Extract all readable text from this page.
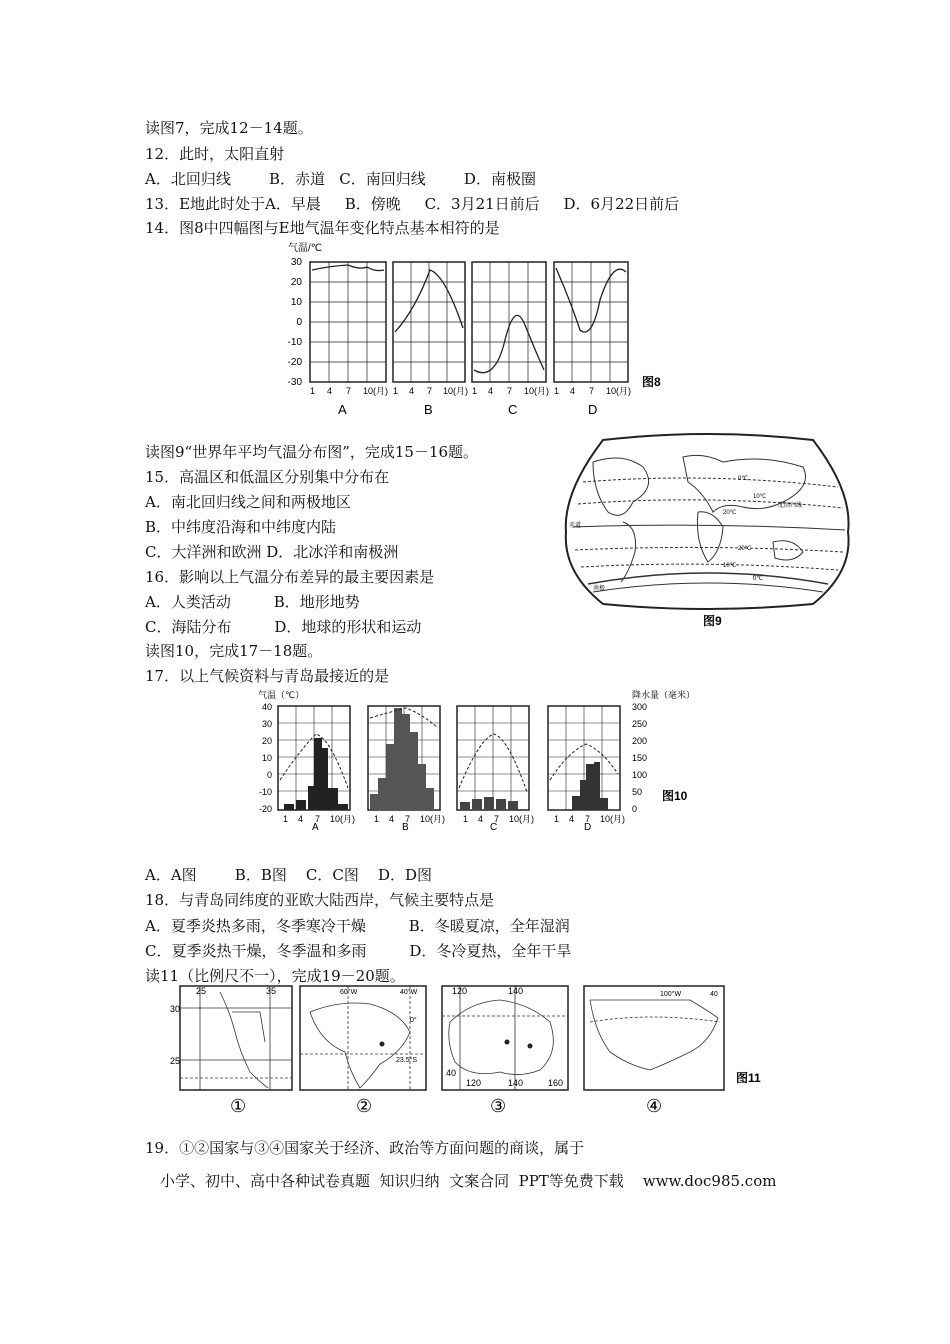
读图7，完成12－14题。
12．此时，太阳直射
A．北回归线        B．赤道   C．南回归线        D．南极圈
13．E地此时处于A．早晨     B．傍晚     C．3月21日前后     D．6月22日前后
14．图8中四幅图与E地气温年变化特点基本相符的是
气温/℃
30
20
10
0
-10
-20
-30
1 4 7 10(月) 1 4 7 10(月) 1 4 7 10(月) 1 4 7 10(月)
A	B	C	D
图8
读图9“世界年平均气温分布图”，完成15－16题。
15．高温区和低温区分别集中分布在
A．南北回归线之间和两极地区
B．中纬度沿海和中纬度内陆
C．大洋洲和欧洲 D．北冰洋和南极洲
16．影响以上气温分布差异的最主要因素是
A．人类活动         B．地形地势
C．海陆分布         D．地球的形状和运动
0℃
10℃
20℃
北回归线
赤道
20℃
10℃
0℃
南极
图9
读图10，完成17－18题。
17．以上气候资料与青岛最接近的是
气温（℃）	降水量（毫米）
40
30
20
10
0
-10
-20
300
250
200
150
100
50
0
1 4 7 10(月) 1 4 7 10(月) 1 4 7 10(月) 1 4 7 10(月)
A	B	C	D
图10
A．A图        B．B图    C．C图    D．D图
18．与青岛同纬度的亚欧大陆西岸，气候主要特点是
A．夏季炎热多雨，冬季寒冷干燥         B．冬暖夏凉，全年湿润
C．夏季炎热干燥，冬季温和多雨         D．冬冷夏热，全年干旱
读11（比例尺不一），完成19－20题。
25	35
30
25
①
60°W	40°W
0°
23.5°S
②
120	140
120	140	160
40
③
100°W	40
④
图11
19．①②国家与③④国家关于经济、政治等方面问题的商谈，属于
小学、初中、高中各种试卷真题  知识归纳  文案合同  PPT等免费下载    www.doc985.com
